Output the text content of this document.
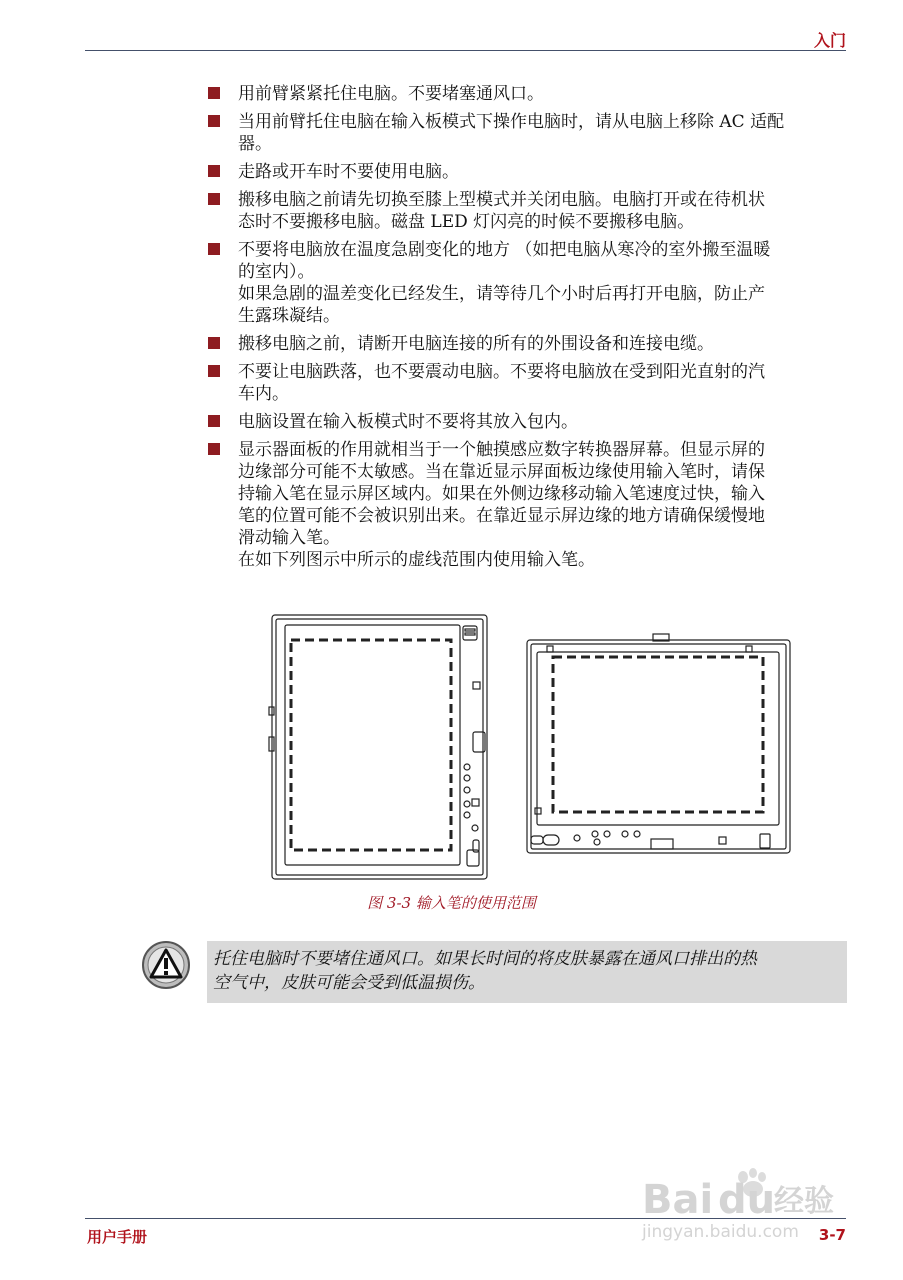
入门
用前臂紧紧托住电脑。不要堵塞通风口。
当用前臂托住电脑在输入板模式下操作电脑时，请从电脑上移除 AC 适配
器。
走路或开车时不要使用电脑。
搬移电脑之前请先切换至膝上型模式并关闭电脑。电脑打开或在待机状
态时不要搬移电脑。磁盘 LED 灯闪亮的时候不要搬移电脑。
不要将电脑放在温度急剧变化的地方 （如把电脑从寒冷的室外搬至温暖
的室内）。
如果急剧的温差变化已经发生，请等待几个小时后再打开电脑，防止产
生露珠凝结。
搬移电脑之前，请断开电脑连接的所有的外围设备和连接电缆。
不要让电脑跌落，也不要震动电脑。不要将电脑放在受到阳光直射的汽
车内。
电脑设置在输入板模式时不要将其放入包内。
显示器面板的作用就相当于一个触摸感应数字转换器屏幕。但显示屏的
边缘部分可能不太敏感。当在靠近显示屏面板边缘使用输入笔时，请保
持输入笔在显示屏区域内。如果在外侧边缘移动输入笔速度过快，输入
笔的位置可能不会被识别出来。在靠近显示屏边缘的地方请确保缓慢地
滑动输入笔。
在如下列图示中所示的虚线范围内使用输入笔。
图 3-3 输入笔的使用范围
托住电脑时不要堵住通风口。如果长时间的将皮肤暴露在通风口排出的热
空气中，皮肤可能会受到低温损伤。
Bai du
经验
jingyan.baidu.com
用户手册	3-7
